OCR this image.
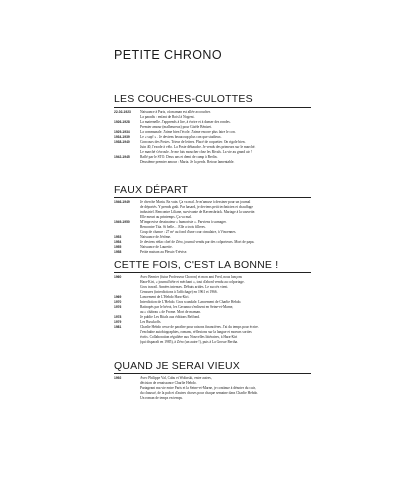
PETITE CHRONO
LES COUCHES-CULOTTES
22-02-1923	Naissance à Paris, où maman est allée accoucher.
La paradis : enfant de Roisl à Nogent.
1926-1928	La maternelle. J'apprends à lire, à écrire et à danser des rondes.
Premier amour (malheureux) pour Gisèle Bénizet.
1929-1934	La communale. J'aime bien l'école. J'aime encore plus faire le con.
1934-1939	Le « sup! » . Je deviens beaucoup plus con que studieux.
1938-1940	Concours des Postes. Trieur de lettres. Placé de coquetier. On rigole bien.
Juin 40, l'exode à vélo. La Poste débauche. Je vends des primeurs sur le marché.
Le marché s'écroule. Je me fais moucher chez les Rivals. La vie au grand air !
1942-1945	Raflé par le STO. Deux ans et demi de camp à Berlin.
Deuxième premier amour : Maria. Je la perds. Retour lamentable.
FAUX DÉPART
1946-1949	Je cherche Maria. En vain. Ça va mal. Je m'amuse à dessiner pour un journal
de déportés. Y prends goût. Par hasard, je deviens petit technicien et chauffage
industriel. Rencontre Liliane, survivante de Ravensbrück. Mariage à la sauvette.
Elle meurt au printemps. Ça va mal.
1949-1950	M'improvise dessinateur « humoriste ». Parviens à surnager.
Rencontre Tita. Si belle… Elle a trois filleres.
Coup de chance : 27 m² au fond d'une cour cimulaire, à Vincennes.
1953	Naissance de Jérôme.
1954	Je deviens rédac chef de Zéro, journal vendu par des colporteurs. Mort de papa.
1955	Naissance de Laurette.
1958	Petite maison au Plessis-Trévise.
CETTE FOIS, C'EST LA BONNE !
1960	Avec Bernier (futur Professeur Choron) et mon ami Fred, nous lançons
Hara-Kiri, « journal bête et méchant », tout d'abord vendu au colportage.
Gros travail. Années intenses. Débuts arides. Le succès vient.
Censures (interdictions à l'affichage) en 1961 et 1966.
1969	Lancement de L'Hebdo Hara-Kiri.
1970	Interdiction de L'Hebdo. Gros scandale. Lancement de Charlie Hebdo.
1976	Rattrapés par le bévot, les Cavanna s'enlisent en Seine-et-Marne,
au « château » de Frome. Mort de maman.
1978	Je publie Les Ritals aux éditions Belfond.
1979	Les Russkoffs.
1981	Charlie Hebdo cesse de paraître pour raisons financières. J'ai du temps pour écrire.
J'enchaîne autobiographies, romans, réflexions sur la langue et moeurs sorties
écrits. Collaboration régulière aux Nouvelles littéraires, à Hara-Kiri
(qui disparaît en 1985), à Zéro (un autre !), puis à La Grosse Bertha.
QUAND JE SERAI VIEUX
1992	Avec Philippe Val, Cabu et Wolinski, entre autres,
décision de renaissance Charlie Hebdo.
Partageant ma vie entre Paris et la Seine-et-Marne, je continue à dénoter du cuir,
du chaussé, de la pub et d'autres choses pour chaque semaine dans Charlie Hebdo.
Un roman de temps en temps.
